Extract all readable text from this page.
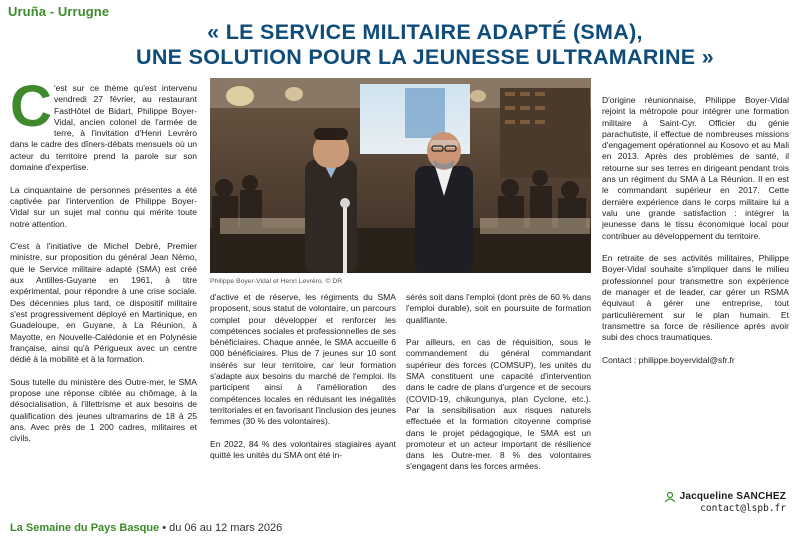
Uruña - Urrugne
« LE SERVICE MILITAIRE ADAPTÉ (SMA),
UNE SOLUTION POUR LA JEUNESSE ULTRAMARINE »

C 'est sur ce thème qu'est intervenu vendredi 27 février, au restaurant FastHôtel de Bidart, Philippe Boyer-Vidal, ancien colonel de l'armée de terre, à l'invitation d'Henri Levréro dans le cadre des dîners-débats mensuels où un acteur du territoire prend la parole sur son domaine d'expertise.

La cinquantaine de personnes présentes a été captivée par l'intervention de Philippe Boyer-Vidal sur un sujet mal connu qui mérite toute notre attention.

C'est à l'initiative de Michel Debré, Premier ministre, sur proposition du général Jean Némo, que le Service militaire adapté (SMA) est créé aux Antilles-Guyane en 1961, à titre expérimental, pour répondre à une crise sociale. Des décennies plus tard, ce dispositif militaire s'est progressivement déployé en Martinique, en Guadeloupe, en Guyane, à La Réunion, à Mayotte, en Nouvelle-Calédonie et en Polynésie française, ainsi qu'à Périgueux avec un centre dédié à la mobilité et à la formation.

Sous tutelle du ministère des Outre-mer, le SMA propose une réponse ciblée au chômage, à la désocialisation, à l'illettrisme et aux besoins de qualification des jeunes ultramarins de 18 à 25 ans. Avec près de 1 200 cadres, militaires et civils,

Philippe Boyer-Vidal et Henri Levréro. © DR

d'active et de réserve, les régiments du SMA proposent, sous statut de volontaire, un parcours complet pour développer et renforcer les compétences sociales et professionnelles de ses bénéficiaires. Chaque année, le SMA accueille 6 000 bénéficiaires. Plus de 7 jeunes sur 10 sont insérés sur leur territoire, car leur formation s'adapte aux besoins du marché de l'emploi. Ils participent ainsi à l'amélioration des compétences locales en réduisant les inégalités territoriales et en favorisant l'inclusion des jeunes femmes (30 % des volontaires).

En 2022, 84 % des volontaires stagiaires ayant quitté les unités du SMA ont été in-

sérés soit dans l'emploi (dont près de 60 % dans l'emploi durable), soit en poursuite de formation qualifiante.

Par ailleurs, en cas de réquisition, sous le commandement du général commandant supérieur des forces (COMSUP), les unités du SMA constituent une capacité d'intervention dans le cadre de plans d'urgence et de secours (COVID-19, chikungunya, plan Cyclone, etc.). Par la sensibilisation aux risques naturels effectuée et la formation citoyenne comprise dans le projet pédagogique, le SMA est un promoteur et un acteur important de résilience dans les Outre-mer. 8 % des volontaires s'engagent dans les forces armées.

D'origine réunionnaise, Philippe Boyer-Vidal rejoint la métropole pour intégrer une formation militaire à Saint-Cyr. Officier du génie parachutiste, il effectue de nombreuses missions d'engagement opérationnel au Kosovo et au Mali en 2013. Après des problèmes de santé, il retourne sur ses terres en dirigeant pendant trois ans un régiment du SMA à La Réunion. Il en est le commandant supérieur en 2017. Cette dernière expérience dans le corps militaire lui a valu une grande satisfaction : intégrer la jeunesse dans le tissu économique local pour contribuer au développement du territoire.

En retraite de ses activités militaires, Philippe Boyer-Vidal souhaite s'impliquer dans le milieu professionnel pour transmettre son expérience de manager et de leader, car gérer un RSMA équivaut à gérer une entreprise, tout particulièrement sur le plan humain. Et transmettre sa force de résilience après avoir subi des chocs traumatiques.

Contact : philippe.boyervidal@sfr.fr

Jacqueline SANCHEZ
contact@lspb.fr
La Semaine du Pays Basque • du 06 au 12 mars 2026
